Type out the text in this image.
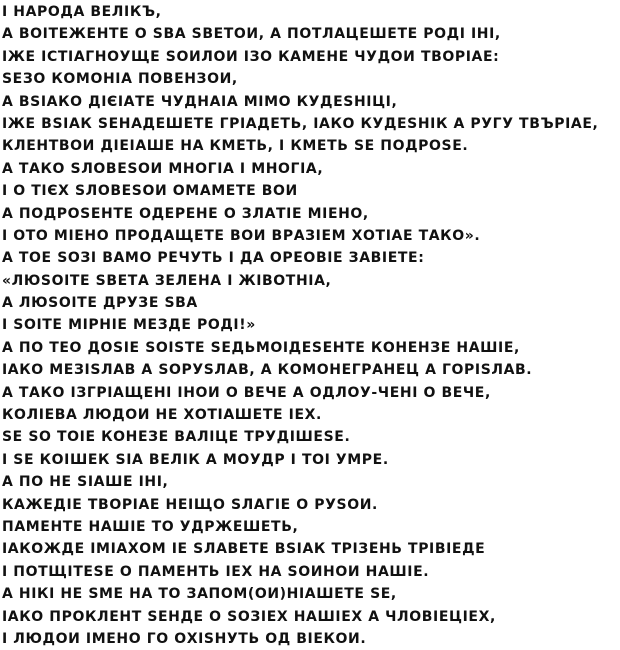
І НАРОДА ВЕЛІКЪ,
А ВОІТЕЖЕНТЕ О ЅВА ЅВЕТОИ, А ПОТЛАЦЕШЕТЕ РОДІ ІНІ,
ІЖЕ ІСТІАГНОУЩЕ ЅОИЛОИ ІЗО КАМЕНЕ ЧУДОИ ТВОРІАЕ:
ЅЕЗО КОМОНІА ПОВЕНЗОИ,
А ВЅІАКО ДІЄІАТЕ ЧУДНАІА МІМО КУДЕЅНІЦІ,
ІЖЕ ВЅІАК ЅЕНАДЕШЕТЕ ГРІАДЕТЬ, ІАКО КУДЕЅНІК А РУГУ ТВЪРІАЕ,
КЛЕНТВОИ ДІЕІАШЕ НА КМЕТЬ, І КМЕТЬ ЅЕ ПОДРОЅЕ.
А ТАКО ЅЛОВЕЅОИ МНОГІА І МНОГІА,
І О ТІЄХ ЅЛОВЕЅОИ ОМАМЕТЕ ВОИ
А ПОДРОЅЕНТЕ ОДЕРЕНЕ О ЗЛАТІЕ МІЕНО,
І ОТО МІЕНО ПРОДАЩЕТЕ ВОИ ВРАЗІЕМ ХОТІАЕ ТАКО».
А ТОЕ ЅОЗІ ВАМО РЕЧУТЬ І ДА ОРЕОВІЕ ЗАВІЕТЕ:
«ЛЮЅОІТЕ ЅВЕТА ЗЕЛЕНА І ЖІВОТНІА,
А ЛЮЅОІТЕ ДРУЗЕ ЅВА
І ЅОІТЕ МІРНІЕ МЕЗДЕ РОДІ!»
А ПО ТЕО ДОЅІЕ ЅОІЅТЕ ЅЕДЬМОІДЕЅЕНТЕ КОНЕНЗЕ НАШІЕ,
ІАКО МЕЗІЅЛАВ А ЅОРУЅЛАВ, А КОМОНЕГРАНЕЦ А ГОРІЅЛАВ.
А ТАКО ІЗГРІАЩЕНІ ІНОИ О ВЕЧЕ А ОДЛОУ-ЧЕНІ О ВЕЧЕ,
КОЛІЕВА ЛЮДОИ НЕ ХОТІАШЕТЕ ІЕХ.
ЅЕ ЅО ТОІЕ КОНЕЗЕ ВАЛІЦЕ ТРУДІШЕЅЕ.
І ЅЕ КОІШЕК ЅІА ВЕЛІК А МОУДР І ТОІ УМРЕ.
А ПО НЕ ЅІАШЕ ІНІ,
КАЖЕДІЕ ТВОРІАЕ НЕІЩО ЅЛАГІЕ О РУЅОИ.
ПАМЕНТЕ НАШІЕ ТО УДРЖЕШЕТЬ,
ІАКОЖДЕ ІМІАХОМ ІЕ ЅЛАВЕТЕ ВЅІАК ТРІЗЕНЬ ТРІВІЕДЕ
І ПОТЩІТЕЅЕ О ПАМЕНТЬ ІЕХ НА ЅОИНОИ НАШІЕ.
А НІКІ НЕ ЅМЕ НА ТО ЗАПОМ(ОИ)НІАШЕТЕ ЅЕ,
ІАКО ПРОКЛЕНТ ЅЕНДЕ О ЅОЗІЕХ НАШІЕХ А ЧЛОВІЕЦІЕХ,
І ЛЮДОИ ІМЕНО ГО ОХІЅНУТЬ ОД ВІЕКОИ.
